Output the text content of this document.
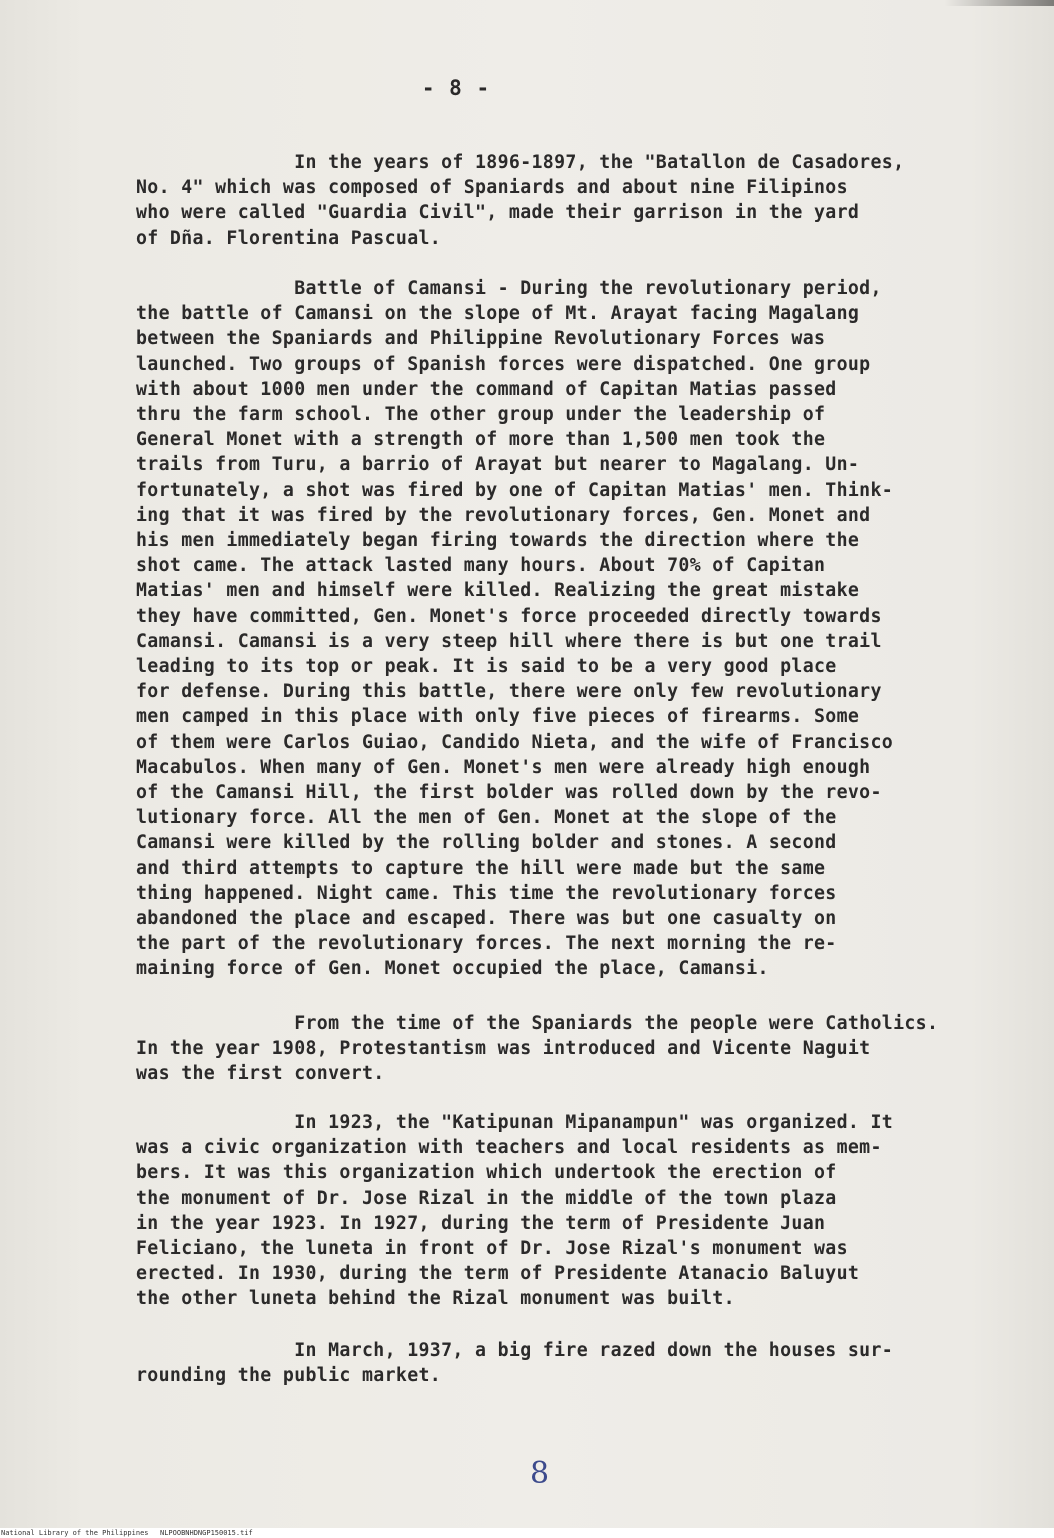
- 8 -
In the years of 1896-1897, the "Batallon de Casadores,
No. 4" which was composed of Spaniards and about nine Filipinos
who were called "Guardia Civil", made their garrison in the yard
of Dña. Florentina Pascual.
Battle of Camansi - During the revolutionary period,
the battle of Camansi on the slope of Mt. Arayat facing Magalang
between the Spaniards and Philippine Revolutionary Forces was
launched. Two groups of Spanish forces were dispatched. One group
with about 1000 men under the command of Capitan Matias passed
thru the farm school. The other group under the leadership of
General Monet with a strength of more than 1,500 men took the
trails from Turu, a barrio of Arayat but nearer to Magalang. Un-
fortunately, a shot was fired by one of Capitan Matias' men. Think-
ing that it was fired by the revolutionary forces, Gen. Monet and
his men immediately began firing towards the direction where the
shot came. The attack lasted many hours. About 70% of Capitan
Matias' men and himself were killed. Realizing the great mistake
they have committed, Gen. Monet's force proceeded directly towards
Camansi. Camansi is a very steep hill where there is but one trail
leading to its top or peak. It is said to be a very good place
for defense. During this battle, there were only few revolutionary
men camped in this place with only five pieces of firearms. Some
of them were Carlos Guiao, Candido Nieta, and the wife of Francisco
Macabulos. When many of Gen. Monet's men were already high enough
of the Camansi Hill, the first bolder was rolled down by the revo-
lutionary force. All the men of Gen. Monet at the slope of the
Camansi were killed by the rolling bolder and stones. A second
and third attempts to capture the hill were made but the same
thing happened. Night came. This time the revolutionary forces
abandoned the place and escaped. There was but one casualty on
the part of the revolutionary forces. The next morning the re-
maining force of Gen. Monet occupied the place, Camansi.
From the time of the Spaniards the people were Catholics.
In the year 1908, Protestantism was introduced and Vicente Naguit
was the first convert.
In 1923, the "Katipunan Mipanampun" was organized. It
was a civic organization with teachers and local residents as mem-
bers. It was this organization which undertook the erection of
the monument of Dr. Jose Rizal in the middle of the town plaza
in the year 1923. In 1927, during the term of Presidente Juan
Feliciano, the luneta in front of Dr. Jose Rizal's monument was
erected. In 1930, during the term of Presidente Atanacio Baluyut
the other luneta behind the Rizal monument was built.
In March, 1937, a big fire razed down the houses sur-
rounding the public market.
8
National Library of the Philippines NLPOOBNHDNGP150015.tif
